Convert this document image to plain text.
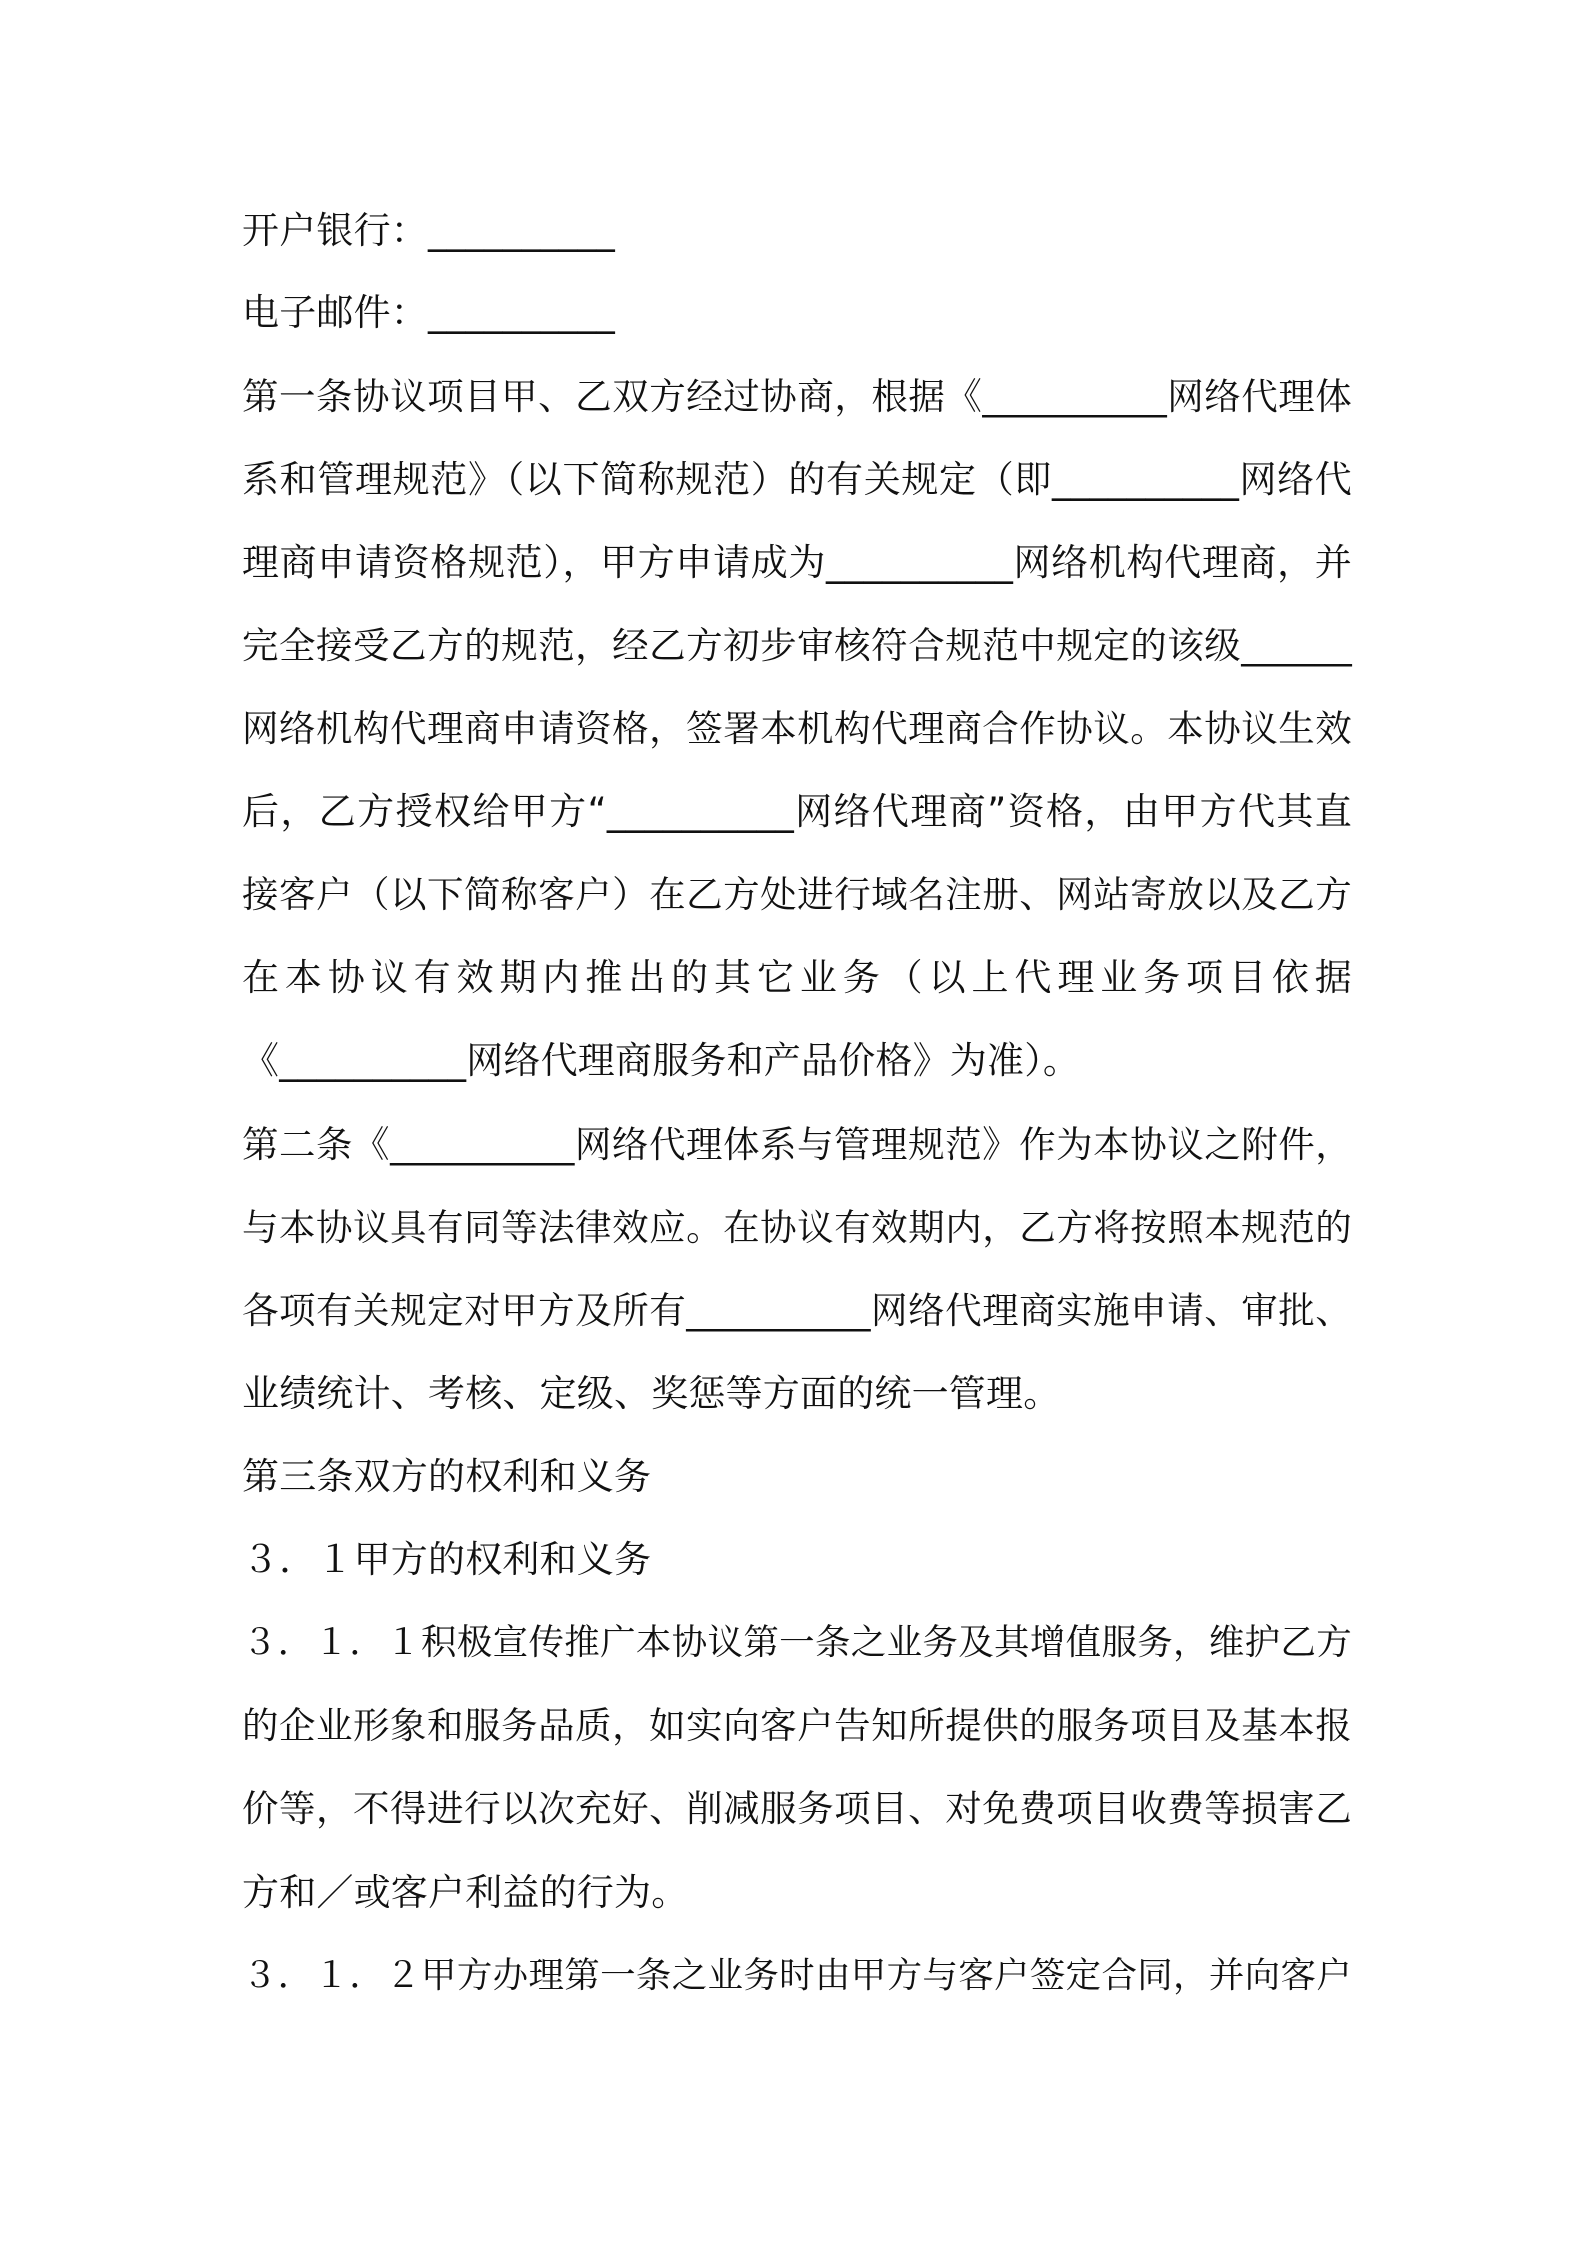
开户银行：__________
电子邮件：__________
第一条协议项目甲、乙双方经过协商，根据《__________网络代理体
系和管理规范》（以下简称规范）的有关规定（即__________网络代
理商申请资格规范），甲方申请成为__________网络机构代理商，并
完全接受乙方的规范，经乙方初步审核符合规范中规定的该级______
网络机构代理商申请资格，签署本机构代理商合作协议。本协议生效
后，乙方授权给甲方“__________网络代理商”资格，由甲方代其直
接客户（以下简称客户）在乙方处进行域名注册、网站寄放以及乙方
在本协议有效期内推出的其它业务（以上代理业务项目依据
《__________网络代理商服务和产品价格》为准）。
第二条《__________网络代理体系与管理规范》作为本协议之附件，
与本协议具有同等法律效应。在协议有效期内，乙方将按照本规范的
各项有关规定对甲方及所有__________网络代理商实施申请、审批、
业绩统计、考核、定级、奖惩等方面的统一管理。
第三条双方的权利和义务
３．１甲方的权利和义务
３．１．１积极宣传推广本协议第一条之业务及其增值服务，维护乙方
的企业形象和服务品质，如实向客户告知所提供的服务项目及基本报
价等，不得进行以次充好、削减服务项目、对免费项目收费等损害乙
方和／或客户利益的行为。
３．１．２甲方办理第一条之业务时由甲方与客户签定合同，并向客户
